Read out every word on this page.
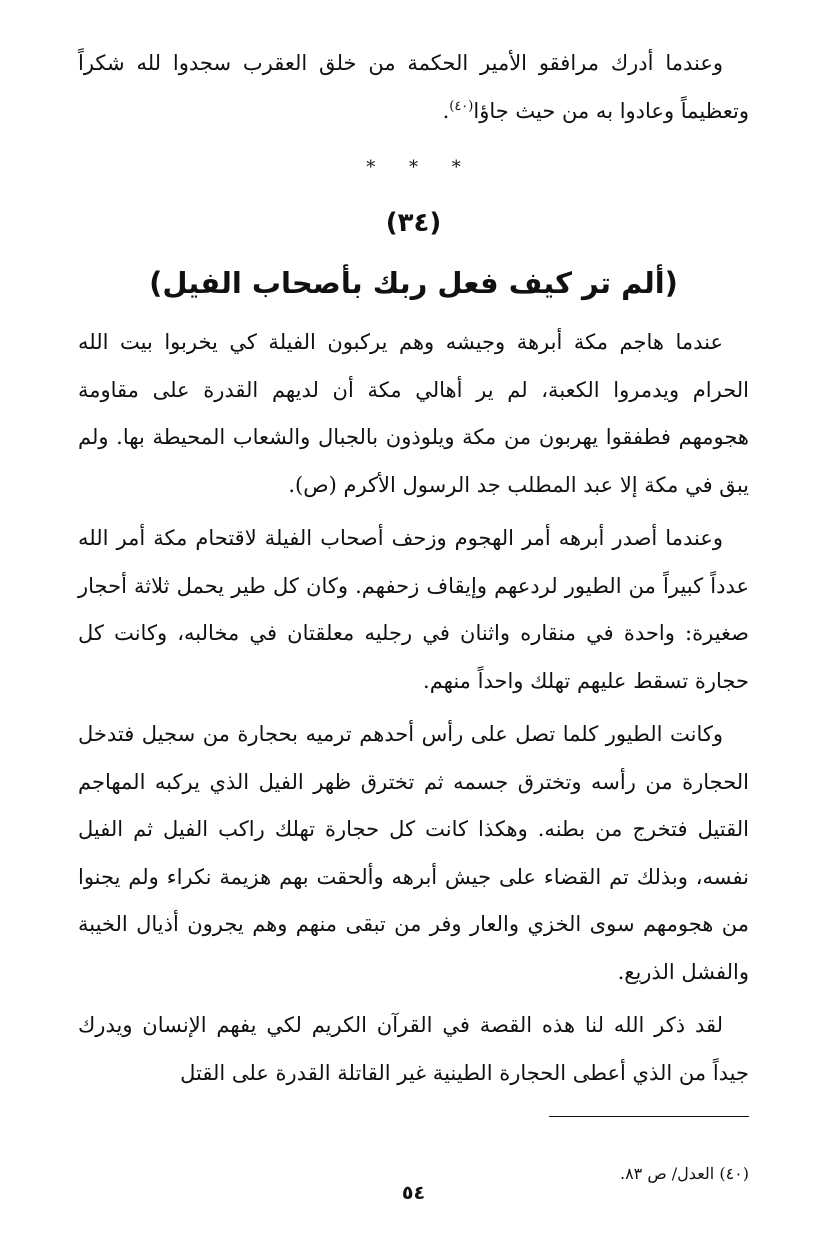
وعندما أدرك مرافقو الأمير الحكمة من خلق العقرب سجدوا لله شكراً وتعظيماً وعادوا به من حيث جاؤا$^{(٤٠)}$.

* * *
(٣٤)
(ألم تر كيف فعل ربك بأصحاب الفيل)

عندما هاجم مكة أبرهة وجيشه وهم يركبون الفيلة كي يخربوا بيت الله الحرام ويدمروا الكعبة، لم ير أهالي مكة أن لديهم القدرة على مقاومة هجومهم فطفقوا يهربون من مكة ويلوذون بالجبال والشعاب المحيطة بها. ولم يبق في مكة إلا عبد المطلب جد الرسول الأكرم (ص).

وعندما أصدر أبرهه أمر الهجوم وزحف أصحاب الفيلة لاقتحام مكة أمر الله عدداً كبيراً من الطيور لردعهم وإيقاف زحفهم. وكان كل طير يحمل ثلاثة أحجار صغيرة: واحدة في منقاره واثنان في رجليه معلقتان في مخالبه، وكانت كل حجارة تسقط عليهم تهلك واحداً منهم.

وكانت الطيور كلما تصل على رأس أحدهم ترميه بحجارة من سجيل فتدخل الحجارة من رأسه وتخترق جسمه ثم تخترق ظهر الفيل الذي يركبه المهاجم القتيل فتخرج من بطنه. وهكذا كانت كل حجارة تهلك راكب الفيل ثم الفيل نفسه، وبذلك تم القضاء على جيش أبرهه وألحقت بهم هزيمة نكراء ولم يجنوا من هجومهم سوى الخزي والعار وفر من تبقى منهم وهم يجرون أذيال الخيبة والفشل الذريع.

لقد ذكر الله لنا هذه القصة في القرآن الكريم لكي يفهم الإنسان ويدرك جيداً من الذي أعطى الحجارة الطينية غير القاتلة القدرة على القتل

(٤٠) العدل/ ص ٨٣.
٥٤
